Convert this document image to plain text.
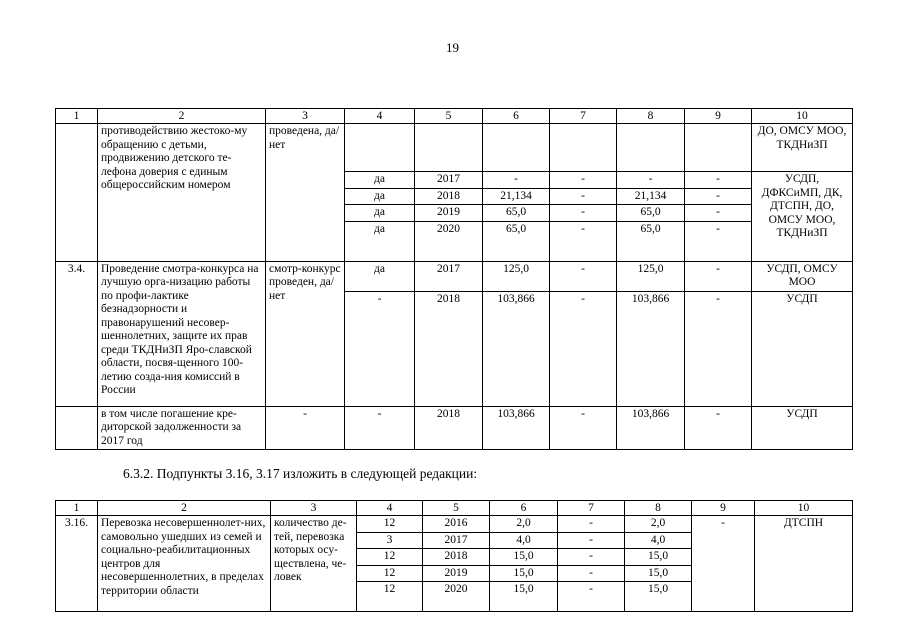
19
1	2	3	4	5	6	7	8	9	10
	противодействию жестоко-му обращению с детьми, продвижению детского те-лефона доверия с единым общероссийским номером	проведена, да/нет							ДО, ОМСУ МОО, ТКДНиЗП
			да	2017	-	-	-	-	УСДП, ДФКСиМП, ДК, ДТСПН, ДО, ОМСУ МОО, ТКДНиЗП
			да	2018	21,134	-	21,134	-	
			да	2019	65,0	-	65,0	-	
			да	2020	65,0	-	65,0	-	
3.4.	Проведение смотра-конкурса на лучшую орга-низацию работы по профи-лактике безнадзорности и правонарушений несовер-шеннолетних, защите их прав среди ТКДНиЗП Яро-славской области, посвя-щенного 100-летию созда-ния комиссий в России	смотр-конкурс проведен, да/нет	да	2017	125,0	-	125,0	-	УСДП, ОМСУ МОО
			-	2018	103,866	-	103,866	-	УСДП
	в том числе погашение кре-диторской задолженности за 2017 год	-	-	2018	103,866	-	103,866	-	УСДП
6.3.2. Подпункты 3.16, 3.17 изложить в следующей редакции:
1	2	3	4	5	6	7	8	9	10
3.16.	Перевозка несовершеннолет-них, самовольно ушедших из семей и социально-реабилитационных центров для несовершеннолетних, в пределах территории области	количество де-тей, перевозка которых осу-ществлена, че-ловек	12	2016	2,0	-	2,0	-	ДТСПН
			3	2017	4,0	-	4,0		
			12	2018	15,0	-	15,0		
			12	2019	15,0	-	15,0		
			12	2020	15,0	-	15,0		
